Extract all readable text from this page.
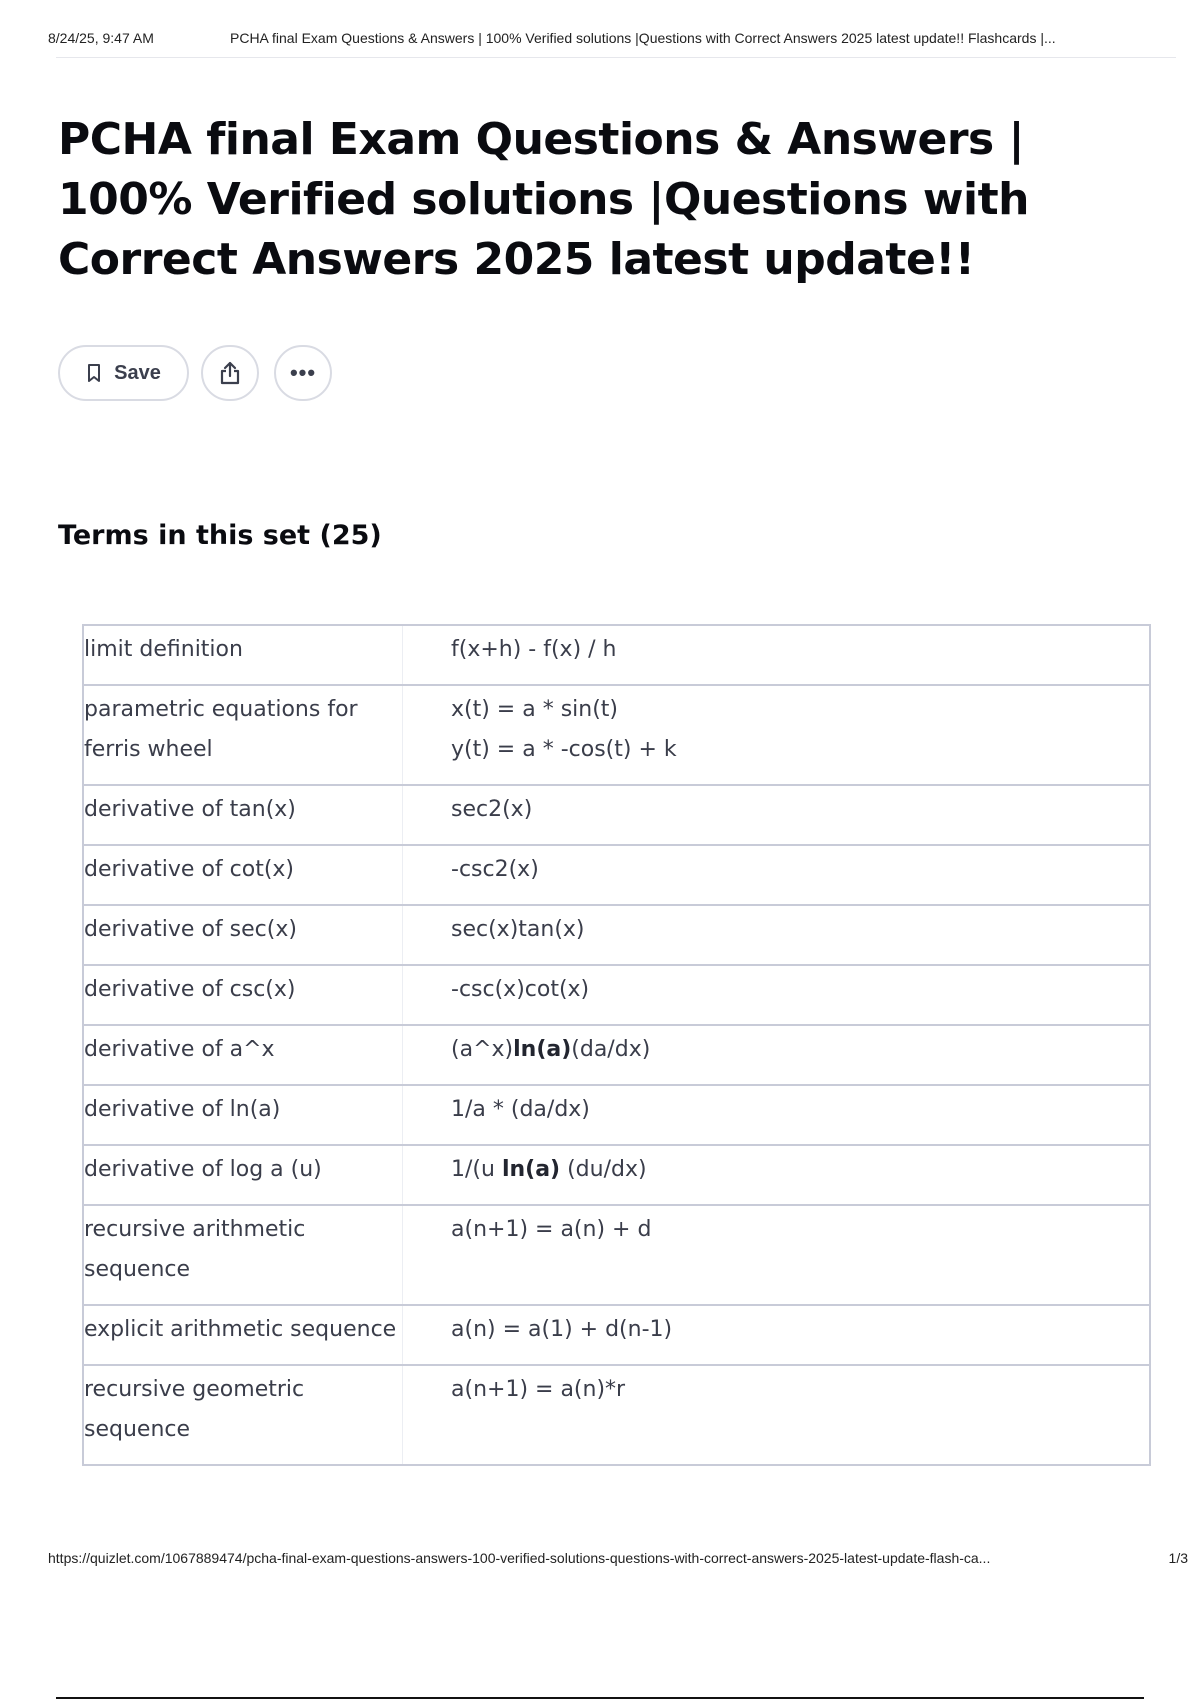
8/24/25, 9:47 AM	PCHA final Exam Questions & Answers | 100% Verified solutions |Questions with Correct Answers 2025 latest update!! Flashcards |...
PCHA final Exam Questions & Answers | 100% Verified solutions |Questions with Correct Answers 2025 latest update!!
Save	•••
Terms in this set (25)
limit definition	f(x+h) - f(x) / h

parametric equations for ferris wheel	x(t) = a * sin(t)
y(t) = a * -cos(t) + k

derivative of tan(x)	sec2(x)

derivative of cot(x)	-csc2(x)

derivative of sec(x)	sec(x)tan(x)

derivative of csc(x)	-csc(x)cot(x)

derivative of a^x	(a^x)ln(a)(da/dx)

derivative of ln(a)	1/a * (da/dx)

derivative of log a (u)	1/(u ln(a) (du/dx)

recursive arithmetic sequence	a(n+1) = a(n) + d

explicit arithmetic sequence	a(n) = a(1) + d(n-1)

recursive geometric sequence	a(n+1) = a(n)*r
https://quizlet.com/1067889474/pcha-final-exam-questions-answers-100-verified-solutions-questions-with-correct-answers-2025-latest-update-flash-ca...	1/3
